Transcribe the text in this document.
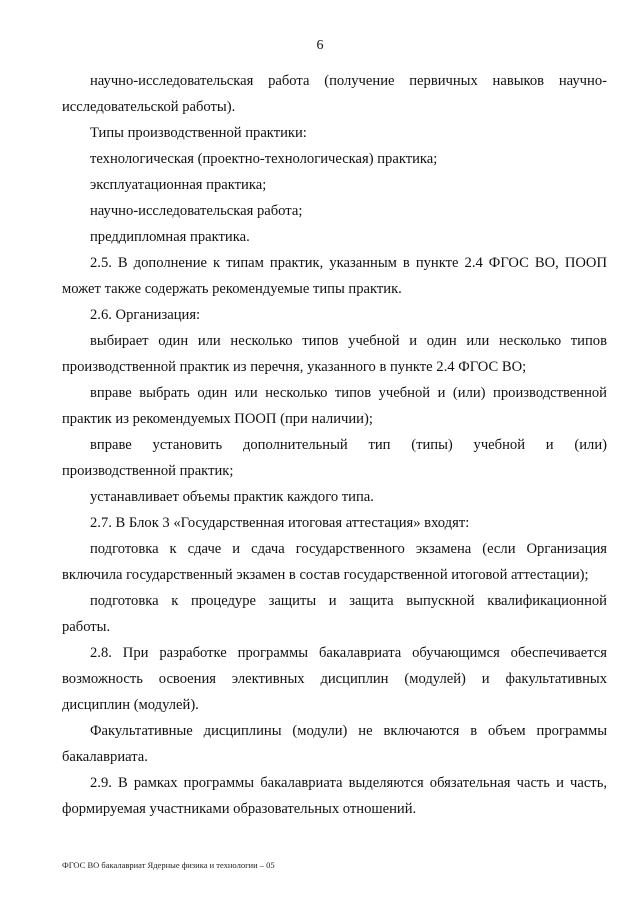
6
научно-исследовательская работа (получение первичных навыков научно-
исследовательской работы).
Типы производственной практики:
технологическая (проектно-технологическая) практика;
эксплуатационная практика;
научно-исследовательская работа;
преддипломная практика.
2.5. В дополнение к типам практик, указанным в пункте 2.4 ФГОС ВО, ПООП
может также содержать рекомендуемые типы практик.
2.6. Организация:
выбирает один или несколько типов учебной и один или несколько типов
производственной практик из перечня, указанного в пункте 2.4 ФГОС ВО;
вправе выбрать один или несколько типов учебной и (или) производственной
практик из рекомендуемых ПООП (при наличии);
вправе установить дополнительный тип (типы) учебной и (или)
производственной практик;
устанавливает объемы практик каждого типа.
2.7. В Блок 3 «Государственная итоговая аттестация» входят:
подготовка к сдаче и сдача государственного экзамена (если Организация
включила государственный экзамен в состав государственной итоговой аттестации);
подготовка к процедуре защиты и защита выпускной квалификационной
работы.
2.8. При разработке программы бакалавриата обучающимся обеспечивается
возможность освоения элективных дисциплин (модулей) и факультативных
дисциплин (модулей).
Факультативные дисциплины (модули) не включаются в объем программы
бакалавриата.
2.9. В рамках программы бакалавриата выделяются обязательная часть и часть,
формируемая участниками образовательных отношений.
ФГОС ВО бакалавриат Ядерные физика и технологии – 05
